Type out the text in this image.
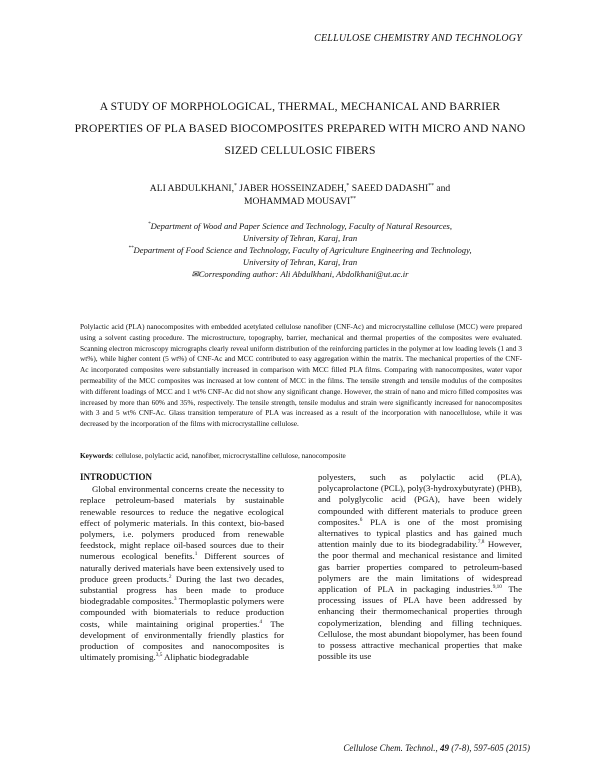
CELLULOSE CHEMISTRY AND TECHNOLOGY
A STUDY OF MORPHOLOGICAL, THERMAL, MECHANICAL AND BARRIER PROPERTIES OF PLA BASED BIOCOMPOSITES PREPARED WITH MICRO AND NANO SIZED CELLULOSIC FIBERS
ALI ABDULKHANI,* JABER HOSSEINZADEH,* SAEED DADASHI** and
MOHAMMAD MOUSAVI**
*Department of Wood and Paper Science and Technology, Faculty of Natural Resources,
University of Tehran, Karaj, Iran
**Department of Food Science and Technology, Faculty of Agriculture Engineering and Technology,
University of Tehran, Karaj, Iran
✉Corresponding author: Ali Abdulkhani, Abdolkhani@ut.ac.ir
Polylactic acid (PLA) nanocomposites with embedded acetylated cellulose nanofiber (CNF-Ac) and microcrystalline cellulose (MCC) were prepared using a solvent casting procedure. The microstructure, topography, barrier, mechanical and thermal properties of the composites were evaluated. Scanning electron microscopy micrographs clearly reveal uniform distribution of the reinforcing particles in the polymer at low loading levels (1 and 3 wt%), while higher content (5 wt%) of CNF-Ac and MCC contributed to easy aggregation within the matrix. The mechanical properties of the CNF-Ac incorporated composites were substantially increased in comparison with MCC filled PLA films. Comparing with nanocomposites, water vapor permeability of the MCC composites was increased at low content of MCC in the films. The tensile strength and tensile modulus of the composites with different loadings of MCC and 1 wt% CNF-Ac did not show any significant change. However, the strain of nano and micro filled composites was increased by more than 60% and 35%, respectively. The tensile strength, tensile modulus and strain were significantly increased for nanocomposites with 3 and 5 wt% CNF-Ac. Glass transition temperature of PLA was increased as a result of the incorporation with nanocellulose, while it was decreased by the incorporation of the films with microcrystalline cellulose.
Keywords: cellulose, polylactic acid, nanofiber, microcrystalline cellulose, nanocomposite
INTRODUCTION

Global environmental concerns create the necessity to replace petroleum-based materials by sustainable renewable resources to reduce the negative ecological effect of polymeric materials. In this context, bio-based polymers, i.e. polymers produced from renewable feedstock, might replace oil-based sources due to their numerous ecological benefits.$^1$ Different sources of naturally derived materials have been extensively used to produce green products.$^2$ During the last two decades, substantial progress has been made to produce biodegradable composites.$^3$ Thermoplastic polymers were compounded with biomaterials to reduce production costs, while maintaining original properties.$^4$ The development of environmentally friendly plastics for production of composites and nanocomposites is ultimately promising.$^{3,5}$ Aliphatic biodegradable

polyesters, such as polylactic acid (PLA), polycaprolactone (PCL), poly(3-hydroxybutyrate) (PHB), and polyglycolic acid (PGA), have been widely compounded with different materials to produce green composites.$^6$ PLA is one of the most promising alternatives to typical plastics and has gained much attention mainly due to its biodegradability.$^{7,8}$ However, the poor thermal and mechanical resistance and limited gas barrier properties compared to petroleum-based polymers are the main limitations of widespread application of PLA in packaging industries.$^{9,10}$ The processing issues of PLA have been addressed by enhancing their thermomechanical properties through copolymerization, blending and filling techniques. Cellulose, the most abundant biopolymer, has been found to possess attractive mechanical properties that make possible its use

Cellulose Chem. Technol., 49 (7-8), 597-605 (2015)
